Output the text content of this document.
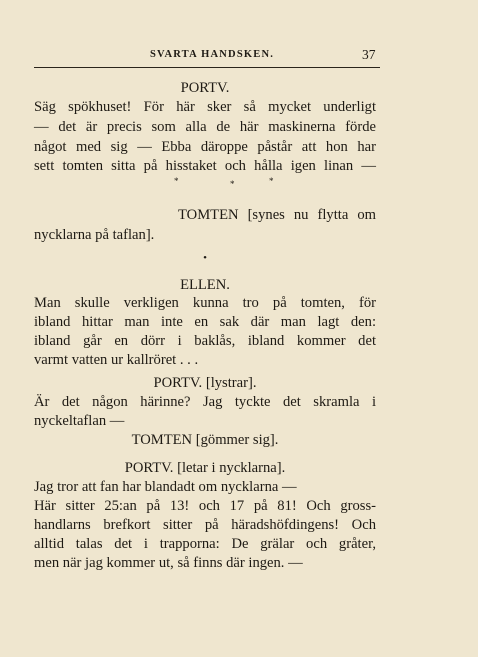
SVARTA HANDSKEN.	37
PORTV.
Säg spökhuset! För här sker så mycket underligt
— det är precis som alla de här maskinerna förde
något med sig — Ebba däroppe påstår att hon har
sett tomten sitta på hisstaket och hålla igen linan —
*	*	*
TOMTEN [synes nu flytta om
nycklarna på taflan].
•
ELLEN.
Man skulle verkligen kunna tro på tomten, för
ibland hittar man inte en sak där man lagt den:
ibland går en dörr i baklås, ibland kommer det
varmt vatten ur kallröret . . .
PORTV. [lystrar].
Är det någon härinne? Jag tyckte det skramla i
nyckeltaflan —
TOMTEN [gömmer sig].
PORTV. [letar i nycklarna].
Jag tror att fan har blandadt om nycklarna —
Här sitter 25:an på 13! och 17 på 81! Och gross-
handlarns brefkort sitter på häradshöfdingens! Och
alltid talas det i trapporna: De grälar och gråter,
men när jag kommer ut, så finns där ingen. —
